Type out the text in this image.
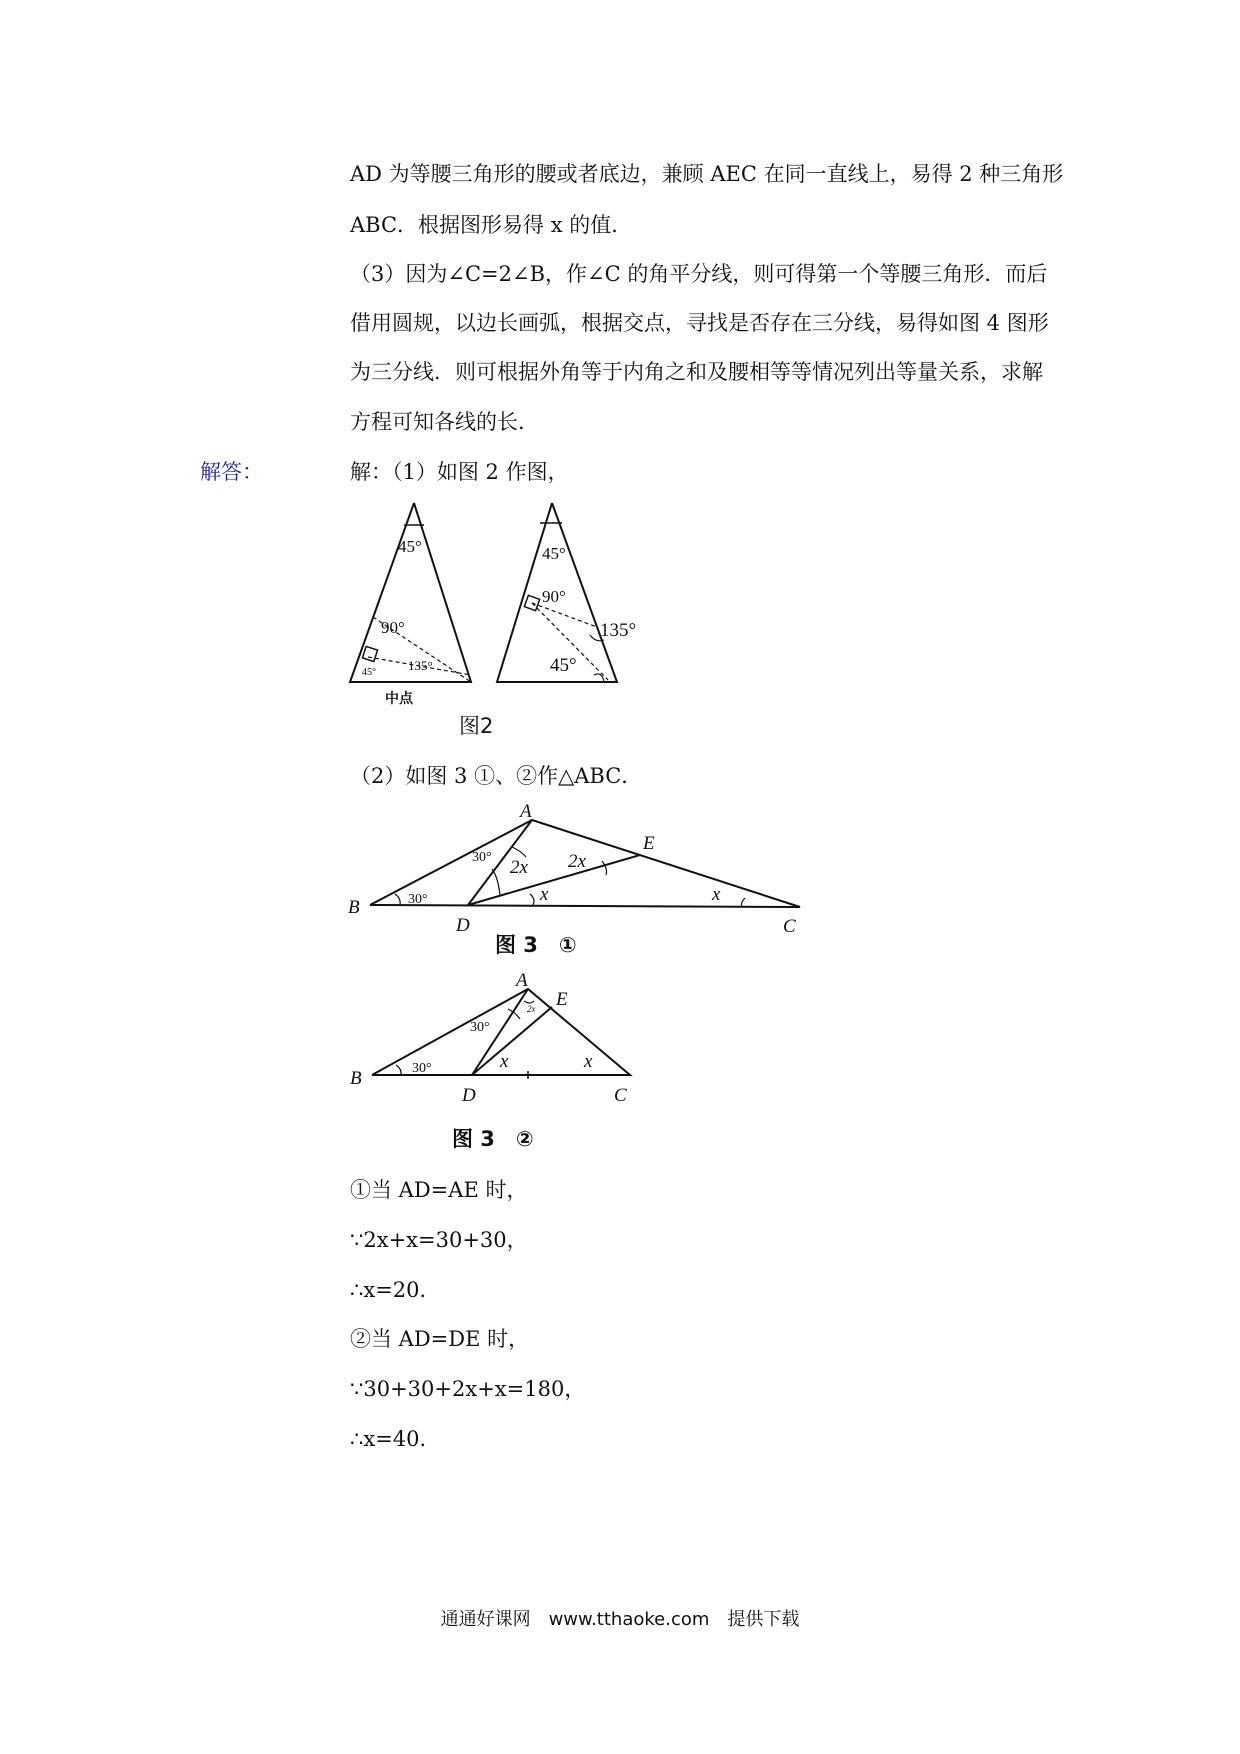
AD 为等腰三角形的腰或者底边，兼顾 AEC 在同一直线上，易得 2 种三角形
ABC．根据图形易得 x 的值．
（3）因为∠C=2∠B，作∠C 的角平分线，则可得第一个等腰三角形．而后
借用圆规，以边长画弧，根据交点，寻找是否存在三分线，易得如图 4 图形
为三分线．则可根据外角等于内角之和及腰相等等情况列出等量关系，求解
方程可知各线的长．
解答：	解：（1）如图 2 作图，
45°
90°
45° 135°
中点
45°
90°
135°
45°
图2
（2）如图 3 ①、②作△ABC．
A
B
C
D
E
30°
30°
2x 2x
x	x
图 3　①
A
B
C
D
E
30°
30°
2x
x	x
图 3　②
①当 AD=AE 时，
∵2x+x=30+30，
∴x=20．
②当 AD=DE 时，
∵30+30+2x+x=180，
∴x=40．
通通好课网　www.tthaoke.com　提供下载
